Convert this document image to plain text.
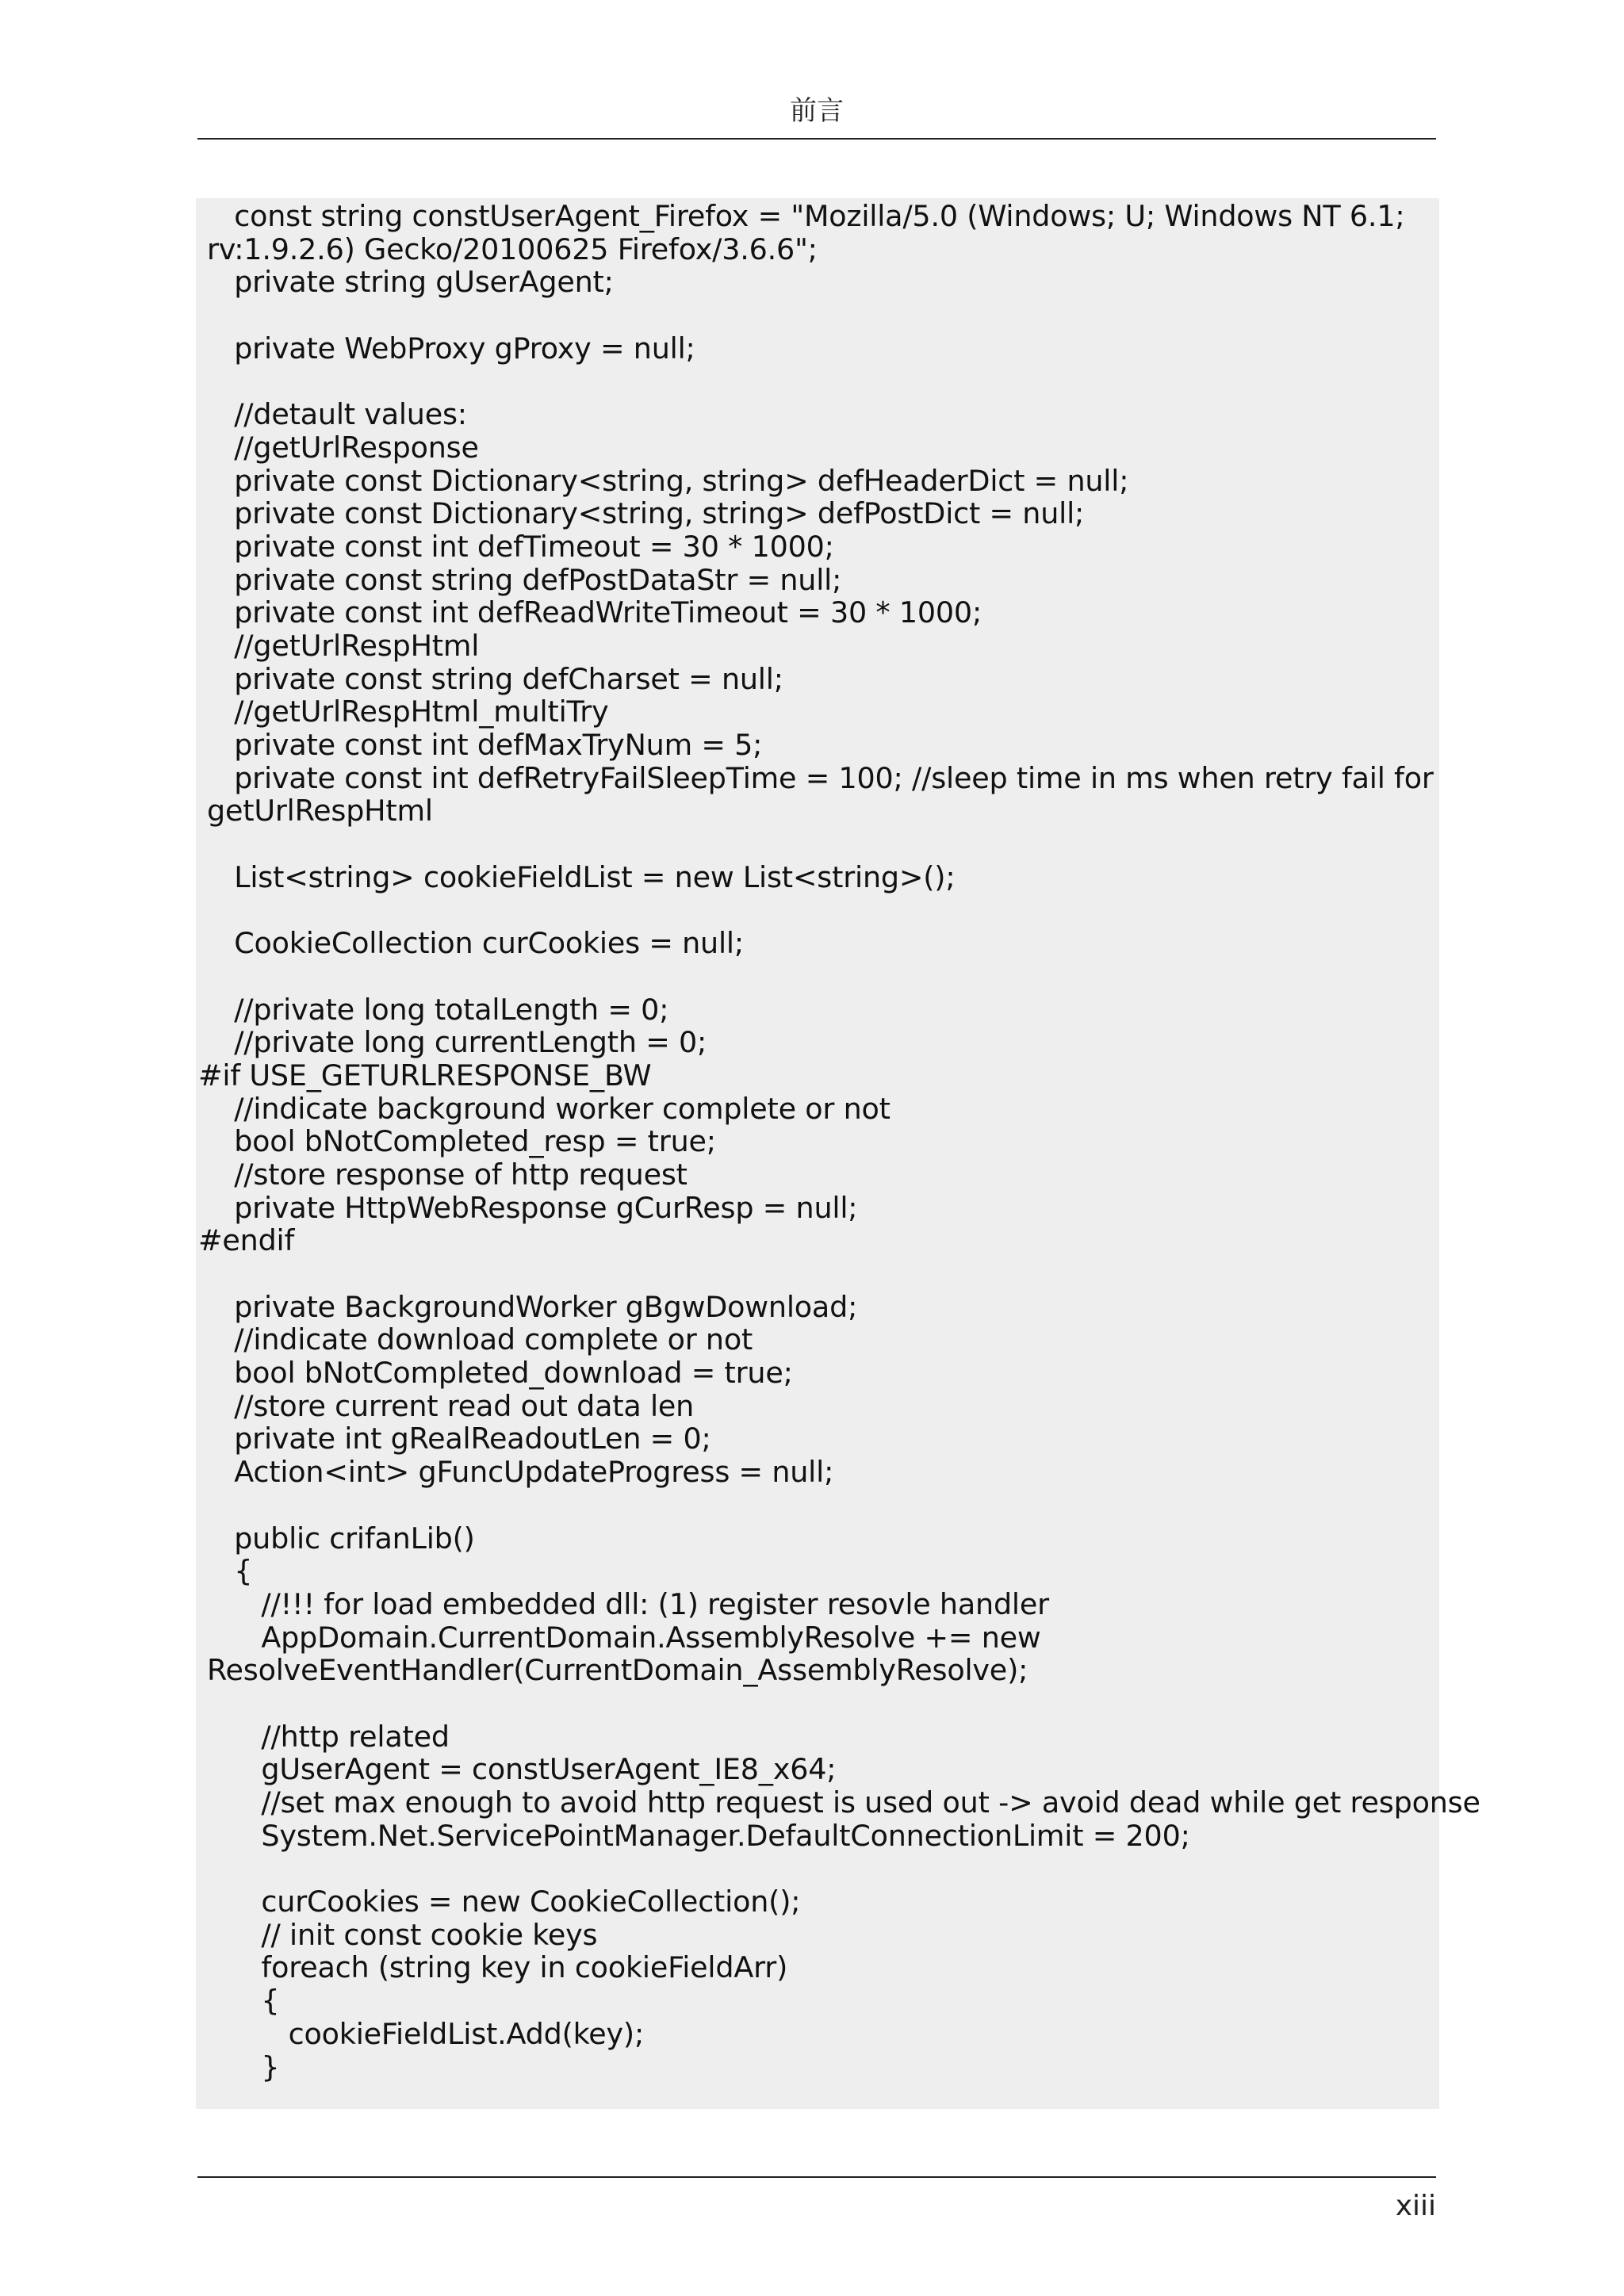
前言
const string constUserAgent_Firefox = "Mozilla/5.0 (Windows; U; Windows NT 6.1;
rv:1.9.2.6) Gecko/20100625 Firefox/3.6.6";
private string gUserAgent;
private WebProxy gProxy = null;
//detault values:
//getUrlResponse
private const Dictionary<string, string> defHeaderDict = null;
private const Dictionary<string, string> defPostDict = null;
private const int defTimeout = 30 * 1000;
private const string defPostDataStr = null;
private const int defReadWriteTimeout = 30 * 1000;
//getUrlRespHtml
private const string defCharset = null;
//getUrlRespHtml_multiTry
private const int defMaxTryNum = 5;
private const int defRetryFailSleepTime = 100; //sleep time in ms when retry fail for
getUrlRespHtml
List<string> cookieFieldList = new List<string>();
CookieCollection curCookies = null;
//private long totalLength = 0;
//private long currentLength = 0;
#if USE_GETURLRESPONSE_BW
//indicate background worker complete or not
bool bNotCompleted_resp = true;
//store response of http request
private HttpWebResponse gCurResp = null;
#endif
private BackgroundWorker gBgwDownload;
//indicate download complete or not
bool bNotCompleted_download = true;
//store current read out data len
private int gRealReadoutLen = 0;
Action<int> gFuncUpdateProgress = null;
public crifanLib()
{
//!!! for load embedded dll: (1) register resovle handler
AppDomain.CurrentDomain.AssemblyResolve += new
ResolveEventHandler(CurrentDomain_AssemblyResolve);
//http related
gUserAgent = constUserAgent_IE8_x64;
//set max enough to avoid http request is used out -> avoid dead while get response
System.Net.ServicePointManager.DefaultConnectionLimit = 200;
curCookies = new CookieCollection();
// init const cookie keys
foreach (string key in cookieFieldArr)
{
cookieFieldList.Add(key);
}
xiii
